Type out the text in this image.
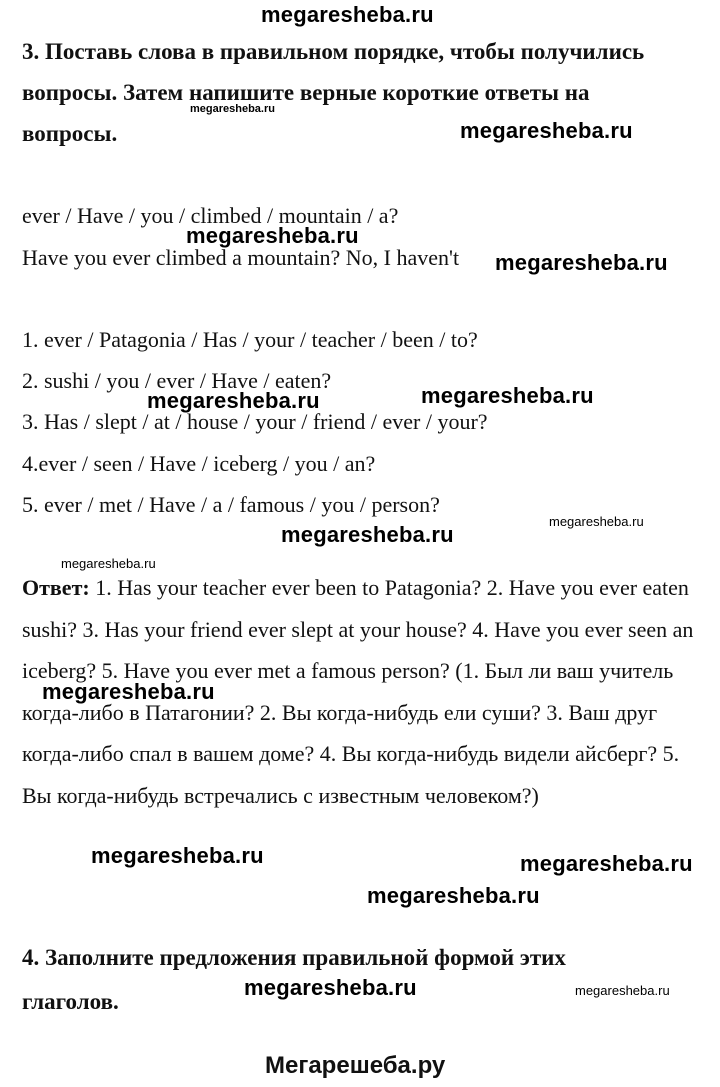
megaresheba.ru
3. Поставь слова в правильном порядке, чтобы получились
вопросы. Затем напишите верные короткие ответы на
megaresheba.ru
вопросы.	megaresheba.ru
ever / Have / you / climbed / mountain / a?
megaresheba.ru
Have you ever climbed a mountain? No, I haven't megaresheba.ru
1. ever / Patagonia / Has / your / teacher / been / to?
2. sushi / you / ever / Have / eaten?
megaresheba.ru
megaresheba.ru
3. Has / slept / at / house / your / friend / ever / your?
4.ever / seen / Have / iceberg / you / an?
5. ever / met / Have / a / famous / you / person?
megaresheba.ru
megaresheba.ru
megaresheba.ru
Ответ: 1. Has your teacher ever been to Patagonia? 2. Have you ever eaten sushi? 3. Has your friend ever slept at your house? 4. Have you ever seen an iceberg? 5. Have you ever met a famous person? (1. Был ли ваш учитель когда-либо в Патагонии? 2. Вы когда-нибудь ели суши? 3. Ваш друг когда-либо спал в вашем доме? 4. Вы когда-нибудь видели айсберг? 5. Вы когда-нибудь встречались с известным человеком?)
megaresheba.ru
megaresheba.ru	megaresheba.ru
megaresheba.ru
4. Заполните предложения правильной формой этих
megaresheba.ru	megaresheba.ru
глаголов.
Мегарешеба.ру
